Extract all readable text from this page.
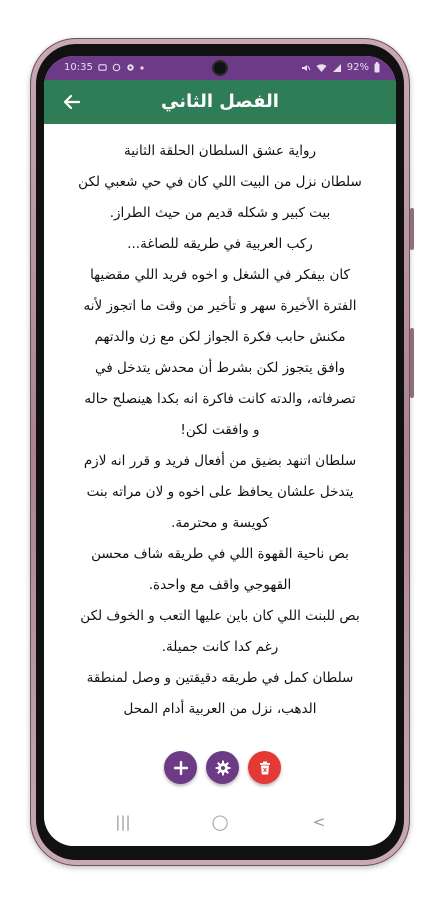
10:35	92%
الفصل الثاني

رواية عشق السلطان الحلقة الثانية

سلطان نزل من البيت اللي كان في حي شعبي لكن

بيت كبير و شكله قديم من حيث الطراز.

ركب العربية في طريقه للصاغة...

كان بيفكر في الشغل و اخوه فريد اللي مقضيها

الفترة الأخيرة سهر و تأخير من وقت ما اتجوز لأنه

مكنش حابب فكرة الجواز لكن مع زن والدتهم

وافق يتجوز لكن بشرط أن محدش يتدخل في

تصرفاته، والدته كانت فاكرة انه بكدا هينصلح حاله

و وافقت لكن!

سلطان اتنهد بضيق من أفعال فريد و قرر انه لازم

يتدخل علشان يحافظ على اخوه و لان مراته بنت

كويسة و محترمة.

بص ناحية القهوة اللي في طريقه شاف محسن

القهوجي واقف مع واحدة.

بص للبنت اللي كان باين عليها التعب و الخوف لكن

رغم كدا كانت جميلة.

سلطان كمل في طريقه دقيقتين و وصل لمنطقة

الدهب، نزل من العربية أدام المحل

|||	◯	<
